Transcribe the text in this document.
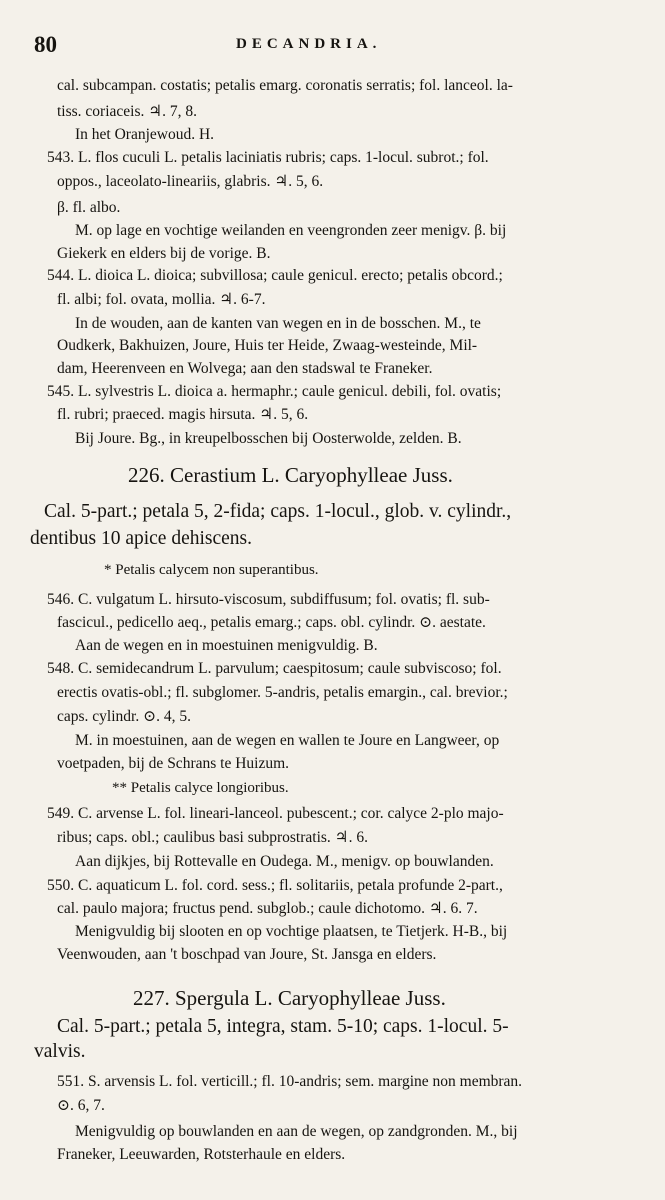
80	DECANDRIA.
cal. subcampan. costatis; petalis emarg. coronatis serratis; fol. lanceol. la-
tiss. coriaceis. ♃. 7, 8.
In het Oranjewoud. H.
543. L. flos cuculi L. petalis laciniatis rubris; caps. 1-locul. subrot.; fol.
oppos., laceolato-lineariis, glabris. ♃. 5, 6.
β. fl. albo.
M. op lage en vochtige weilanden en veengronden zeer menigv. β. bij
Giekerk en elders bij de vorige. B.
544. L. dioica L. dioica; subvillosa; caule genicul. erecto; petalis obcord.;
fl. albi; fol. ovata, mollia. ♃. 6-7.
In de wouden, aan de kanten van wegen en in de bosschen. M., te
Oudkerk, Bakhuizen, Joure, Huis ter Heide, Zwaag-westeinde, Mil-
dam, Heerenveen en Wolvega; aan den stadswal te Franeker.
545. L. sylvestris L. dioica a. hermaphr.; caule genicul. debili, fol. ovatis;
fl. rubri; praeced. magis hirsuta. ♃. 5, 6.
Bij Joure. Bg., in kreupelbosschen bij Oosterwolde, zelden. B.
226. Cerastium L. Caryophylleae Juss.
Cal. 5-part.; petala 5, 2-fida; caps. 1-locul., glob. v. cylindr.,
dentibus 10 apice dehiscens.
* Petalis calycem non superantibus.
546. C. vulgatum L. hirsuto-viscosum, subdiffusum; fol. ovatis; fl. sub-
fascicul., pedicello aeq., petalis emarg.; caps. obl. cylindr. ⊙. aestate.
Aan de wegen en in moestuinen menigvuldig. B.
548. C. semidecandrum L. parvulum; caespitosum; caule subviscoso; fol.
erectis ovatis-obl.; fl. subglomer. 5-andris, petalis emargin., cal. brevior.;
caps. cylindr. ⊙. 4, 5.
M. in moestuinen, aan de wegen en wallen te Joure en Langweer, op
voetpaden, bij de Schrans te Huizum.
** Petalis calyce longioribus.
549. C. arvense L. fol. lineari-lanceol. pubescent.; cor. calyce 2-plo majo-
ribus; caps. obl.; caulibus basi subprostratis. ♃. 6.
Aan dijkjes, bij Rottevalle en Oudega. M., menigv. op bouwlanden.
550. C. aquaticum L. fol. cord. sess.; fl. solitariis, petala profunde 2-part.,
cal. paulo majora; fructus pend. subglob.; caule dichotomo. ♃. 6. 7.
Menigvuldig bij slooten en op vochtige plaatsen, te Tietjerk. H-B., bij
Veenwouden, aan 't boschpad van Joure, St. Jansga en elders.
227. Spergula L. Caryophylleae Juss.
Cal. 5-part.; petala 5, integra, stam. 5-10; caps. 1-locul. 5-
valvis.
551. S. arvensis L. fol. verticill.; fl. 10-andris; sem. margine non membran.
⊙. 6, 7.
Menigvuldig op bouwlanden en aan de wegen, op zandgronden. M., bij
Franeker, Leeuwarden, Rotsterhaule en elders.
